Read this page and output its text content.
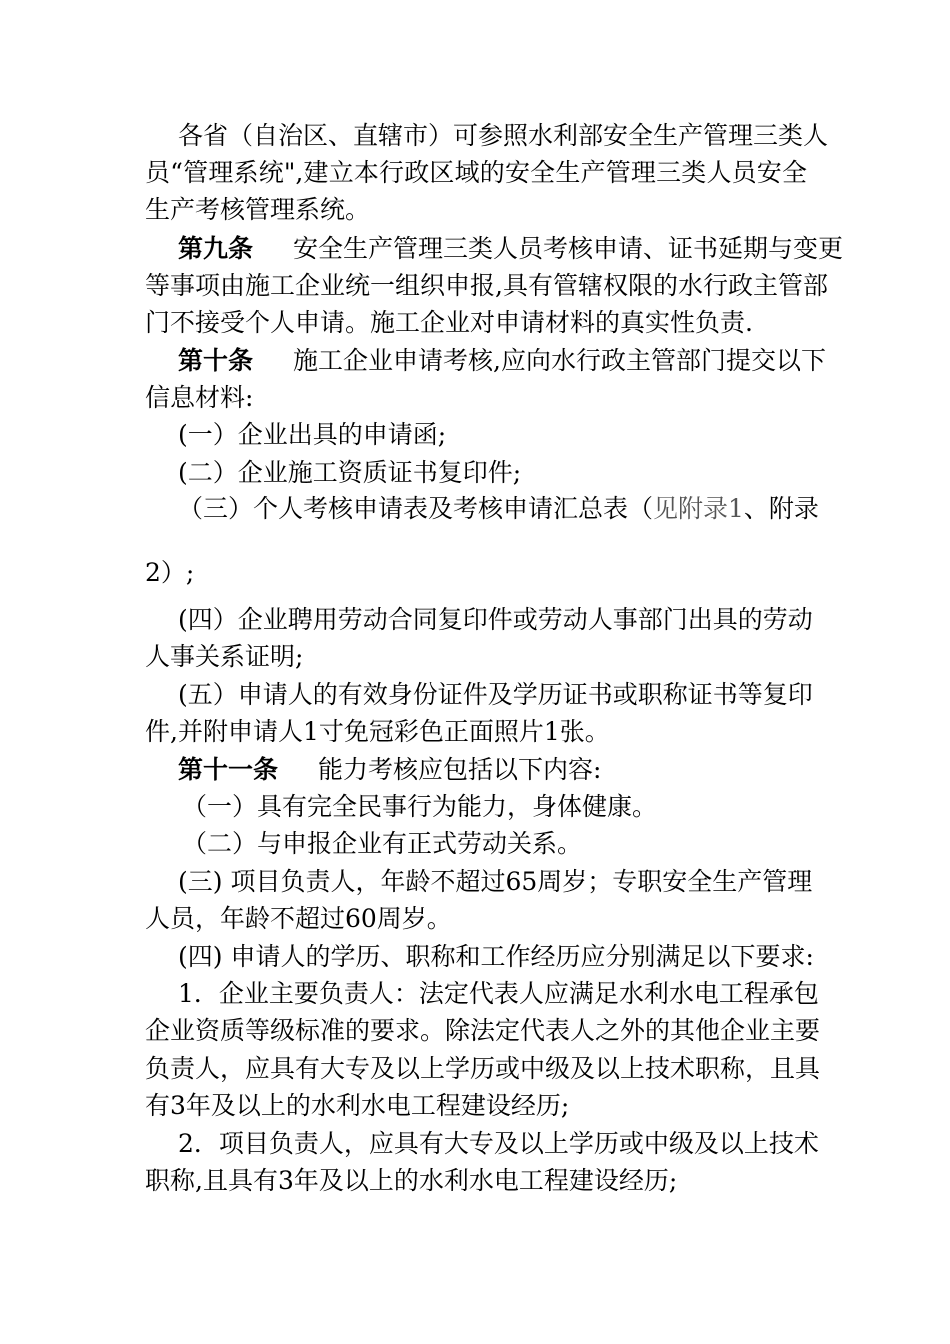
各省（自治区、直辖市）可参照水利部安全生产管理三类人
员“管理系统",建立本行政区域的安全生产管理三类人员安全
生产考核管理系统。
第九条 安全生产管理三类人员考核申请、证书延期与变更
等事项由施工企业统一组织申报,具有管辖权限的水行政主管部
门不接受个人申请。施工企业对申请材料的真实性负责.
第十条 施工企业申请考核,应向水行政主管部门提交以下
信息材料:
(一）企业出具的申请函;
(二）企业施工资质证书复印件;
（三）个人考核申请表及考核申请汇总表（见附录1、附录
2）;
(四）企业聘用劳动合同复印件或劳动人事部门出具的劳动
人事关系证明;
(五）申请人的有效身份证件及学历证书或职称证书等复印
件,并附申请人1寸免冠彩色正面照片1张。
第十一条 能力考核应包括以下内容:
（一）具有完全民事行为能力，身体健康。
（二）与申报企业有正式劳动关系。
(三) 项目负责人，年龄不超过65周岁；专职安全生产管理
人员，年龄不超过60周岁。
(四) 申请人的学历、职称和工作经历应分别满足以下要求:
1．企业主要负责人：法定代表人应满足水利水电工程承包
企业资质等级标准的要求。除法定代表人之外的其他企业主要
负责人，应具有大专及以上学历或中级及以上技术职称，且具
有3年及以上的水利水电工程建设经历;
2．项目负责人，应具有大专及以上学历或中级及以上技术
职称,且具有3年及以上的水利水电工程建设经历;
